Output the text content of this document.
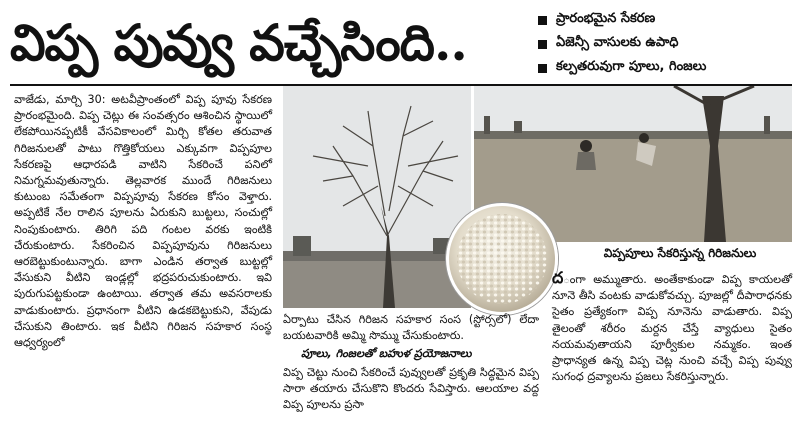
విప్ప పువ్వు వచ్చేసింది..	ప్రారంభమైన సేకరణ
ఏజెన్సీ వాసులకు ఉపాధి
కల్పతరువుగా పూలు, గింజలు

వాజేడు, మార్చి 30: అటవీప్రాంతంలో విప్ప పూవు సేకరణ ప్రారంభమైంది. విప్ప చెట్లు ఈ సంవత్సరం ఆశించిన స్థాయిలో లేకపోయినప్పటికీ వేసవికాలంలో మిర్చి కోతల తరువాత గిరిజనులతో పాటు గొత్తికోయలు ఎక్కువగా విప్పపూల సేకరణపై ఆధారపడి వాటిని సేకరించే పనిలో నిమగ్నమవుతున్నారు. తెల్లవారక ముందే గిరిజనులు కుటుంబ సమేతంగా విప్పపూవు సేకరణ కోసం వెళ్తారు. అప్పటికే నేల రాలిన పూలను ఏరుకుని బుట్టలు, సంచుల్లో నింపుకుంటారు. తిరిగి పది గంటల వరకు ఇంటికి చేరుకుంటారు. సేకరించిన విప్పపూవును గిరిజనులు ఆరబెట్టుకుంటున్నారు. బాగా ఎండిన తర్వాత బుట్టల్లో వేసుకుని వీటిని ఇండ్లల్లో భద్రపరుచుకుంటారు. ఇవి పురుగుపట్టకుండా ఉంటాయి. తర్వాత తమ అవసరాలకు వాడుకుంటారు. ప్రధానంగా వీటిని ఉడకబెట్టుకుని, వేపుడు చేసుకుని తింటారు. ఇక వీటిని గిరిజన సహకార సంస్థ ఆధ్వర్యంలో

విప్పపూలు సేకరిస్తున్న గిరిజనులు

ఏర్పాటు చేసిన గిరిజన సహకార సంస (స్టోర్సలో) లేదా బయటవారికి అమ్మి సొమ్ము చేసుకుంటారు.

పూలు, గింజలతో బహుళ ప్రయోజనాలు

విప్ప చెట్టు నుంచి సేకరించే పువ్వులతో ప్రకృతి సిద్ధమైన విప్ప సారా తయారు చేసుకొని కొందరు సేవిస్తారు. ఆలయాల వద్ద విప్ప పూలను ప్రసా

దంగా అమ్ముతారు. అంతేకాకుండా విప్ప కాయలతో నూనె తీసి వంటకు వాడుకోవచ్చు. పూజల్లో దీపారాధనకు సైతం ప్రత్యేకంగా విప్ప నూనెను వాడుతారు. విప్ప తైలంతో శరీరం మర్దన చేస్తే వ్యాధులు సైతం నయమవుతాయని పూర్వీకుల నమ్మకం. ఇంత ప్రాధాన్యత ఉన్న విప్ప చెట్ల నుంచి వచ్చే విప్ప పువ్వు సుగంధ ద్రవ్యాలను ప్రజలు సేకరిస్తున్నారు.
